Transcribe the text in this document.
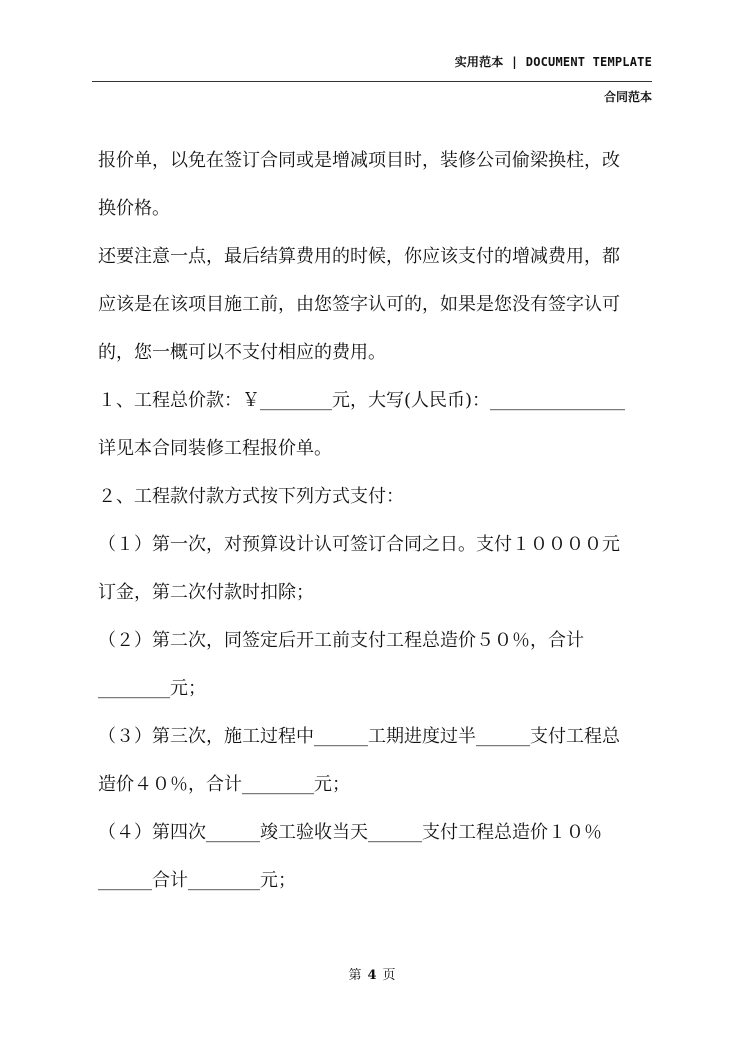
实用范本 | DOCUMENT TEMPLATE
合同范本

报价单，以免在签订合同或是增减项目时，装修公司偷梁换柱，改

换价格。

还要注意一点，最后结算费用的时候，你应该支付的增减费用，都

应该是在该项目施工前，由您签字认可的，如果是您没有签字认可

的，您一概可以不支付相应的费用。

１、工程总价款：￥________元，大写(人民币)：_______________

详见本合同装修工程报价单。

２、工程款付款方式按下列方式支付：

（１）第一次，对预算设计认可签订合同之日。支付１００００元

订金，第二次付款时扣除；

（２）第二次，同签定后开工前支付工程总造价５０％，合计

________元；

（３）第三次，施工过程中______工期进度过半______支付工程总

造价４０％，合计________元；

（４）第四次______竣工验收当天______支付工程总造价１０％

______合计________元；

第 4 页
